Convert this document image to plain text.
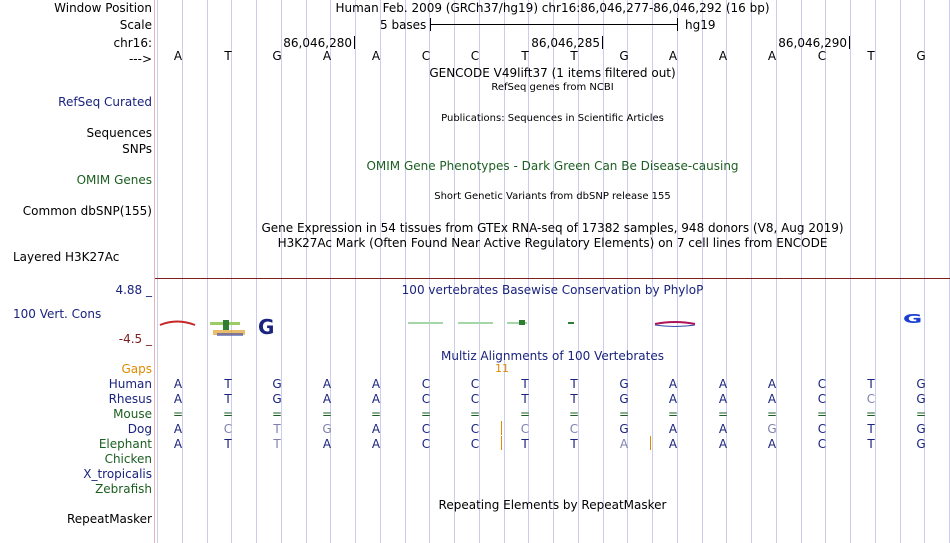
Window Position	Human Feb. 2009 (GRCh37/hg19) chr16:86,046,277-86,046,292 (16 bp)
Scale	5 bases	hg19
chr16:	86,046,280	86,046,285	86,046,290
--->
GENCODE V49lift37 (1 items filtered out)
RefSeq genes from NCBI
RefSeq Curated
Publications: Sequences in Scientific Articles
Sequences
SNPs
OMIM Gene Phenotypes - Dark Green Can Be Disease-causing
OMIM Genes
Short Genetic Variants from dbSNP release 155
Common dbSNP(155)
Gene Expression in 54 tissues from GTEx RNA-seq of 17382 samples, 948 donors (V8, Aug 2019)
H3K27Ac Mark (Often Found Near Active Regulatory Elements) on 7 cell lines from ENCODE
Layered H3K27Ac
4.88 _	100 vertebrates Basewise Conservation by PhyloP
100 Vert. Cons
-4.5 _	G	G
Multiz Alignments of 100 Vertebrates
Gaps	11
Repeating Elements by RepeatMasker
RepeatMasker
A	T	G	A	A	C	C	T	T	G	A	A	A	C	T	G
Human	A	T	G	A	A	C	C	T	T	G	A	A	A	C	T	G
Rhesus	A	T	G	A	A	C	C	T	T	G	A	A	A	C	C	G
Mouse	=	=	=	=	=	=	=	=	=	=	=	=	=	=	=	=
Dog	A	C	T	G	A	C	C	C	C	G	A	A	G	C	T	G
Elephant	A	T	T	A	A	C	C	T	T	A	A	A	A	C	T	G
Chicken
X_tropicalis
Zebrafish
